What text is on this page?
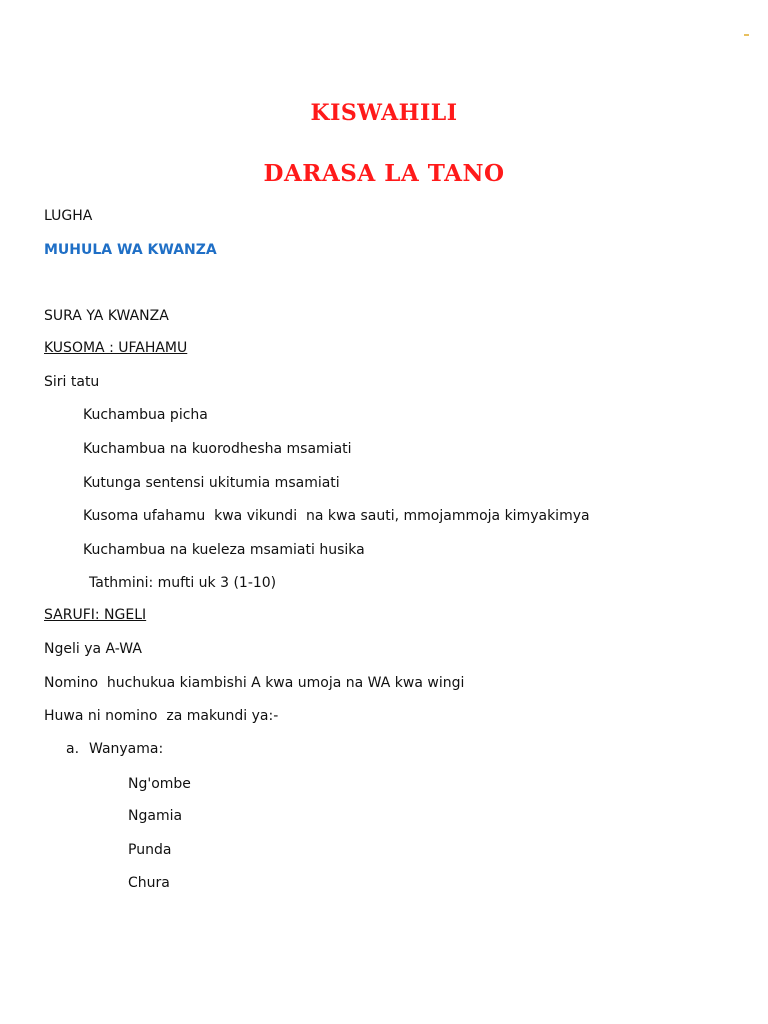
KISWAHILI
DARASA LA TANO
LUGHA
MUHULA WA KWANZA
SURA YA KWANZA
KUSOMA : UFAHAMU
Siri tatu
Kuchambua picha
Kuchambua na kuorodhesha msamiati
Kutunga sentensi ukitumia msamiati
Kusoma ufahamu  kwa vikundi  na kwa sauti, mmojammoja kimyakimya
Kuchambua na kueleza msamiati husika
Tathmini: mufti uk 3 (1-10)
SARUFI: NGELI
Ngeli ya A-WA
Nomino  huchukua kiambishi A kwa umoja na WA kwa wingi
Huwa ni nomino  za makundi ya:-
a. Wanyama:
Ng'ombe
Ngamia
Punda
Chura
